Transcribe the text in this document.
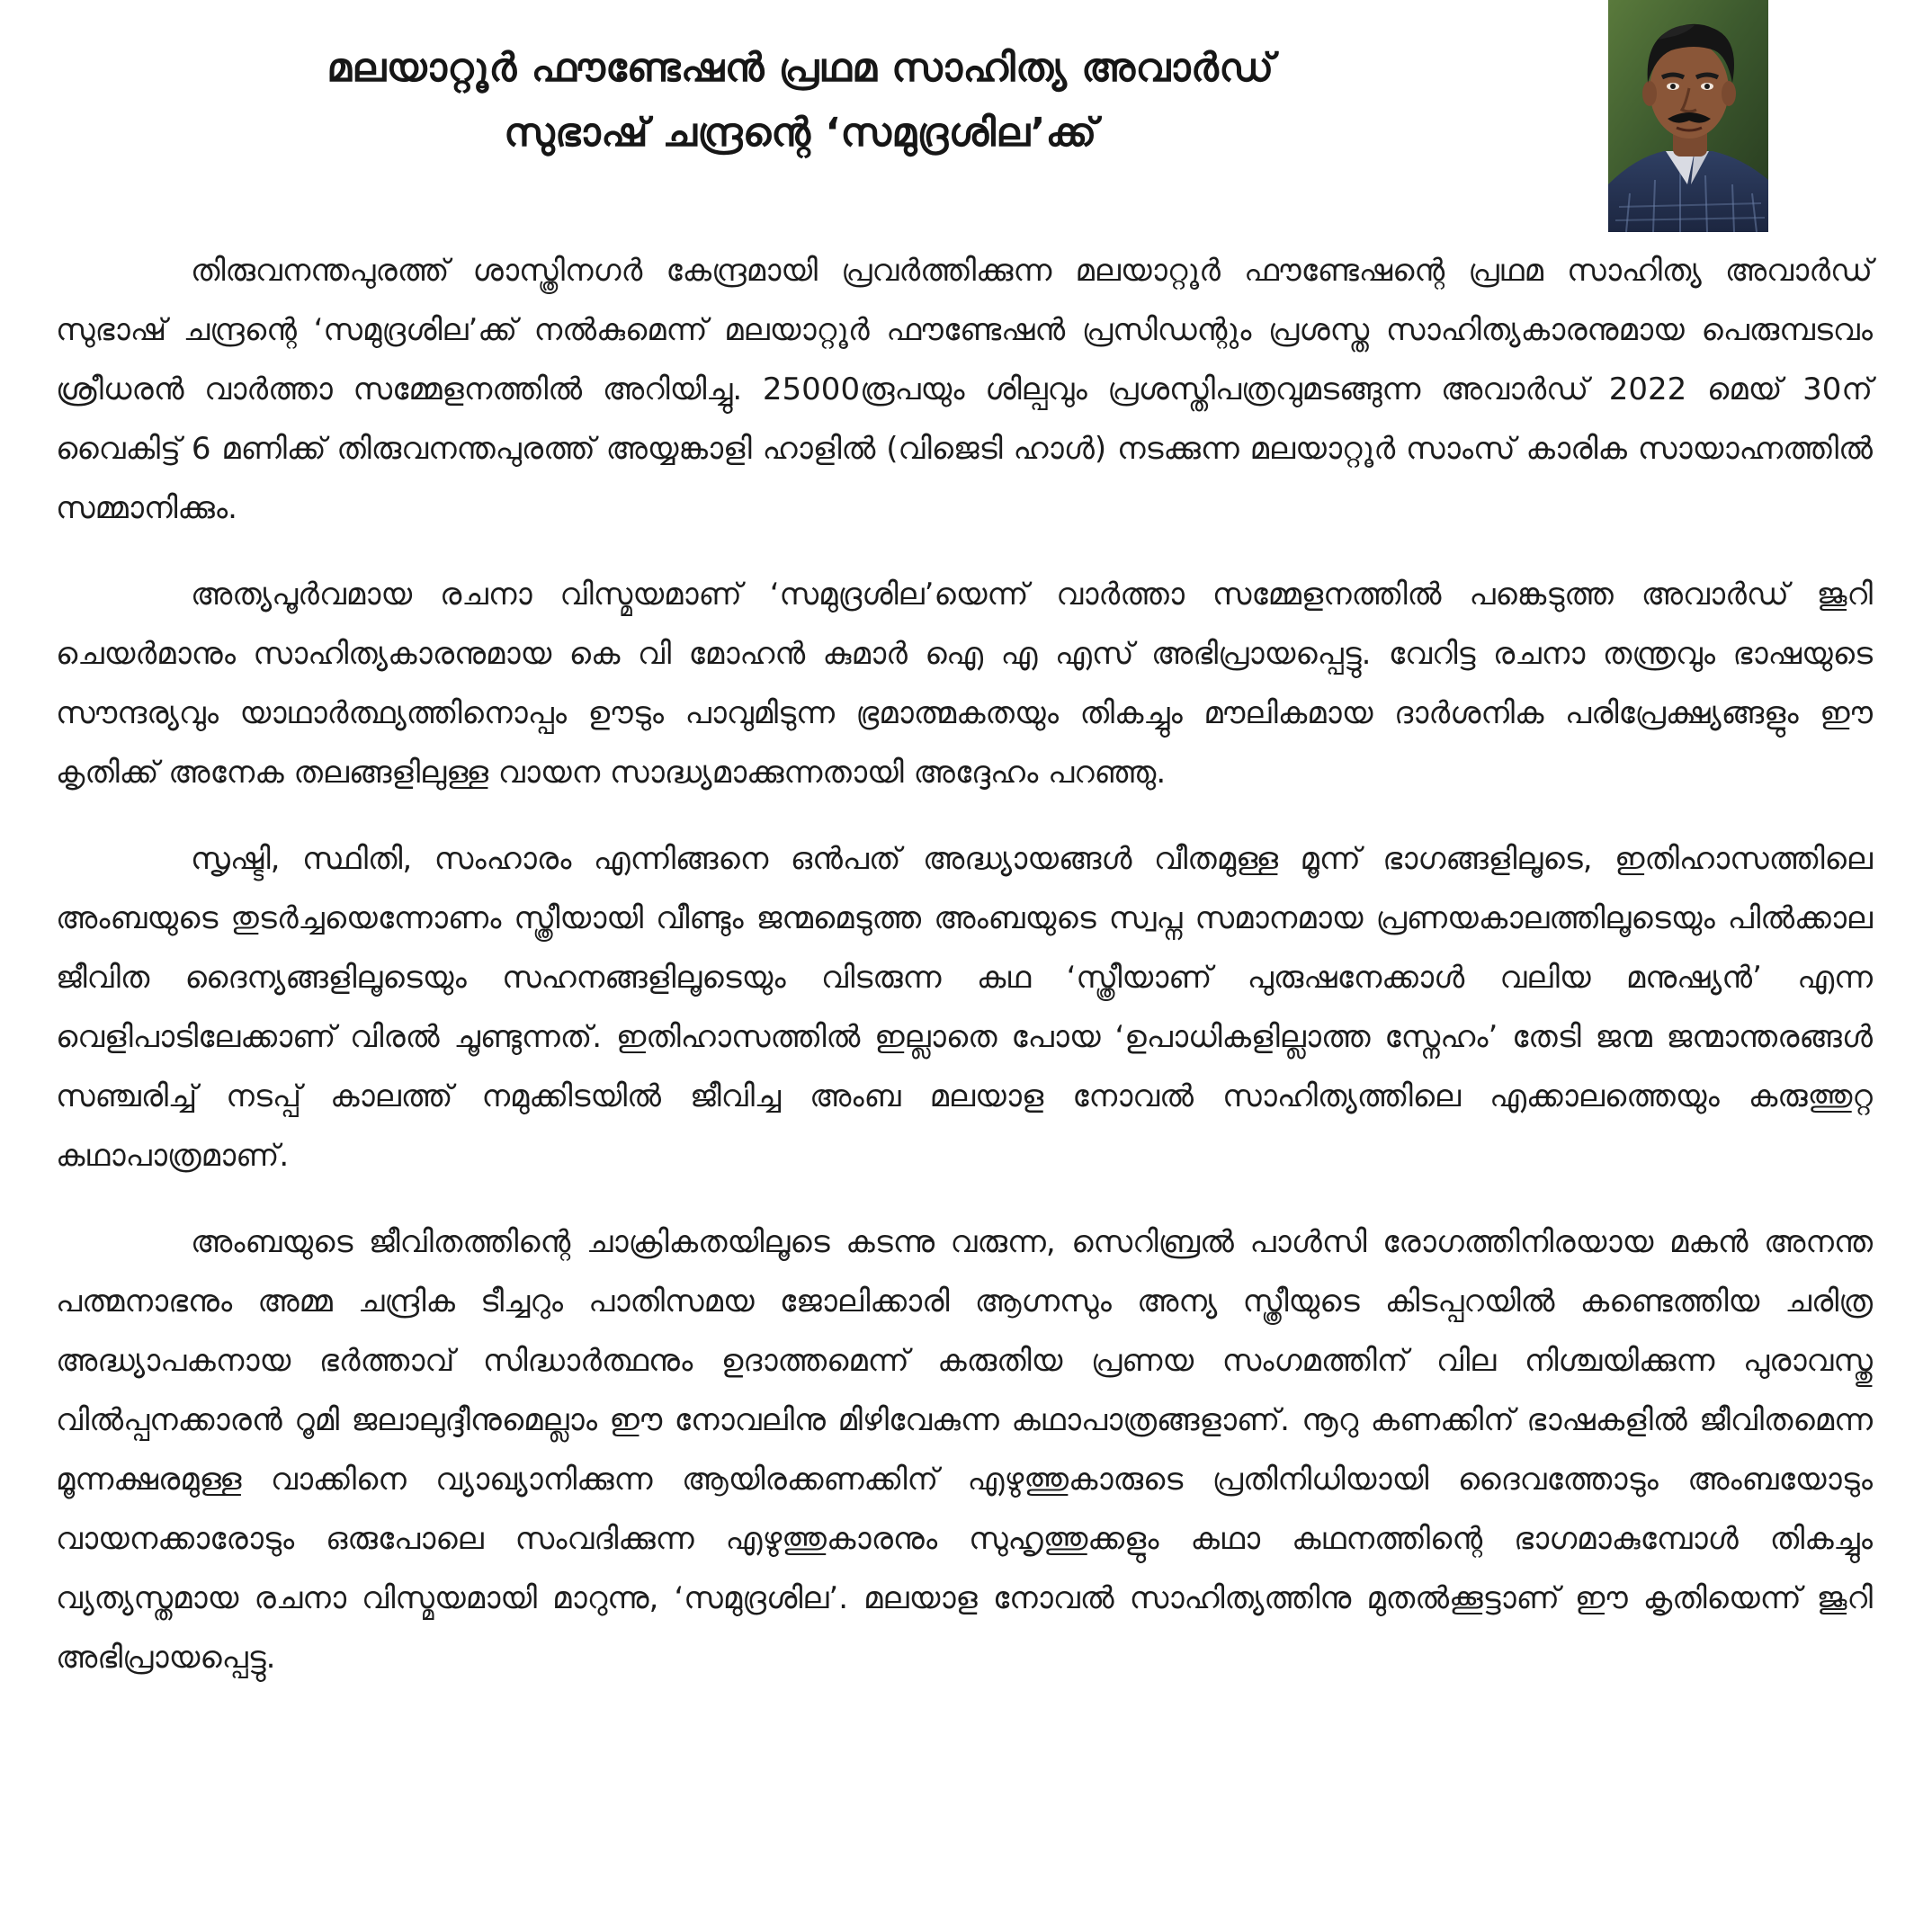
മലയാറ്റൂർ ഫൗണ്ടേഷൻ പ്രഥമ സാഹിത്യ അവാർഡ്
സുഭാഷ് ചന്ദ്രന്റെ ‘സമുദ്രശില’ക്ക്

തിരുവനന്തപുരത്ത് ശാസ്ത്രിനഗർ കേന്ദ്രമായി പ്രവർത്തിക്കുന്ന മലയാറ്റൂർ ഫൗണ്ടേഷന്റെ പ്രഥമ സാഹിത്യ അവാർഡ് സുഭാഷ് ചന്ദ്രന്റെ ‘സമുദ്രശില’ക്ക് നൽകുമെന്ന് മലയാറ്റൂർ ഫൗണ്ടേഷൻ പ്രസിഡന്റും പ്രശസ്ത സാഹിത്യകാരനുമായ പെരുമ്പടവം ശ്രീധരൻ വാർത്താ സമ്മേളനത്തിൽ അറിയിച്ചു. 25000രൂപയും ശില്പവും പ്രശസ്തിപത്രവുമടങ്ങുന്ന അവാർഡ് 2022 മെയ് 30ന് വൈകിട്ട് 6 മണിക്ക് തിരുവനന്തപുരത്ത് അയ്യങ്കാളി ഹാളിൽ (വിജെടി ഹാൾ) നടക്കുന്ന മലയാറ്റൂർ സാംസ് കാരിക സായാഹ്നത്തിൽ സമ്മാനിക്കും.

അത്യപൂർവമായ രചനാ വിസ്മയമാണ് ‘സമുദ്രശില’യെന്ന് വാർത്താ സമ്മേളനത്തിൽ പങ്കെടുത്ത അവാർഡ് ജൂറി ചെയർമാനും സാഹിത്യകാരനുമായ കെ വി മോഹൻ കുമാർ ഐ എ എസ് അഭിപ്രായപ്പെട്ടു. വേറിട്ട രചനാ തന്ത്രവും ഭാഷയുടെ സൗന്ദര്യവും യാഥാർത്ഥ്യത്തിനൊപ്പം ഊടും പാവുമിടുന്ന ഭ്രമാത്മകതയും തികച്ചും മൗലികമായ ദാർശനിക പരിപ്രേക്ഷ്യങ്ങളും ഈ കൃതിക്ക് അനേക തലങ്ങളിലുള്ള വായന സാദ്ധ്യമാക്കുന്നതായി അദ്ദേഹം പറഞ്ഞു.

സൃഷ്ടി, സ്ഥിതി, സംഹാരം എന്നിങ്ങനെ ഒൻപത് അദ്ധ്യായങ്ങൾ വീതമുള്ള മൂന്ന് ഭാഗങ്ങളിലൂടെ, ഇതിഹാസത്തിലെ അംബയുടെ തുടർച്ചയെന്നോണം സ്ത്രീയായി വീണ്ടും ജന്മമെടുത്ത അംബയുടെ സ്വപ്ന സമാനമായ പ്രണയകാലത്തിലൂടെയും പിൽക്കാല ജീവിത ദൈന്യങ്ങളിലൂടെയും സഹനങ്ങളിലൂടെയും വിടരുന്ന കഥ ‘സ്ത്രീയാണ് പുരുഷനേക്കാൾ വലിയ മനുഷ്യൻ’ എന്ന വെളിപാടിലേക്കാണ് വിരൽ ചൂണ്ടുന്നത്. ഇതിഹാസത്തിൽ ഇല്ലാതെ പോയ ‘ഉപാധികളില്ലാത്ത സ്നേഹം’ തേടി ജന്മ ജന്മാന്തരങ്ങൾ സഞ്ചരിച്ച് നടപ്പ് കാലത്ത് നമുക്കിടയിൽ ജീവിച്ച അംബ മലയാള നോവൽ സാഹിത്യത്തിലെ എക്കാലത്തെയും കരുത്തുറ്റ കഥാപാത്രമാണ്.

അംബയുടെ ജീവിതത്തിന്റെ ചാക്രികതയിലൂടെ കടന്നു വരുന്ന, സെറിബ്രൽ പാൾസി രോഗത്തിനിരയായ മകൻ അനന്ത പത്മനാഭനും അമ്മ ചന്ദ്രിക ടീച്ചറും പാതിസമയ ജോലിക്കാരി ആഗ്നസും അന്യ സ്ത്രീയുടെ കിടപ്പറയിൽ കണ്ടെത്തിയ ചരിത്ര അദ്ധ്യാപകനായ ഭർത്താവ് സിദ്ധാർത്ഥനും ഉദാത്തമെന്ന് കരുതിയ പ്രണയ സംഗമത്തിന് വില നിശ്ചയിക്കുന്ന പുരാവസ്തു വിൽപ്പനക്കാരൻ റൂമി ജലാലുദ്ദീനുമെല്ലാം ഈ നോവലിനു മിഴിവേകുന്ന കഥാപാത്രങ്ങളാണ്. നൂറു കണക്കിന് ഭാഷകളിൽ ജീവിതമെന്ന മൂന്നക്ഷരമുള്ള വാക്കിനെ വ്യാഖ്യാനിക്കുന്ന ആയിരക്കണക്കിന് എഴുത്തുകാരുടെ പ്രതിനിധിയായി ദൈവത്തോടും അംബയോടും വായനക്കാരോടും ഒരുപോലെ സംവദിക്കുന്ന എഴുത്തുകാരനും സുഹൃത്തുക്കളും കഥാ കഥനത്തിന്റെ ഭാഗമാകുമ്പോൾ തികച്ചും വ്യത്യസ്തമായ രചനാ വിസ്മയമായി മാറുന്നു, ‘സമുദ്രശില’. മലയാള നോവൽ സാഹിത്യത്തിനു മുതൽക്കൂട്ടാണ് ഈ കൃതിയെന്ന് ജൂറി അഭിപ്രായപ്പെട്ടു.
